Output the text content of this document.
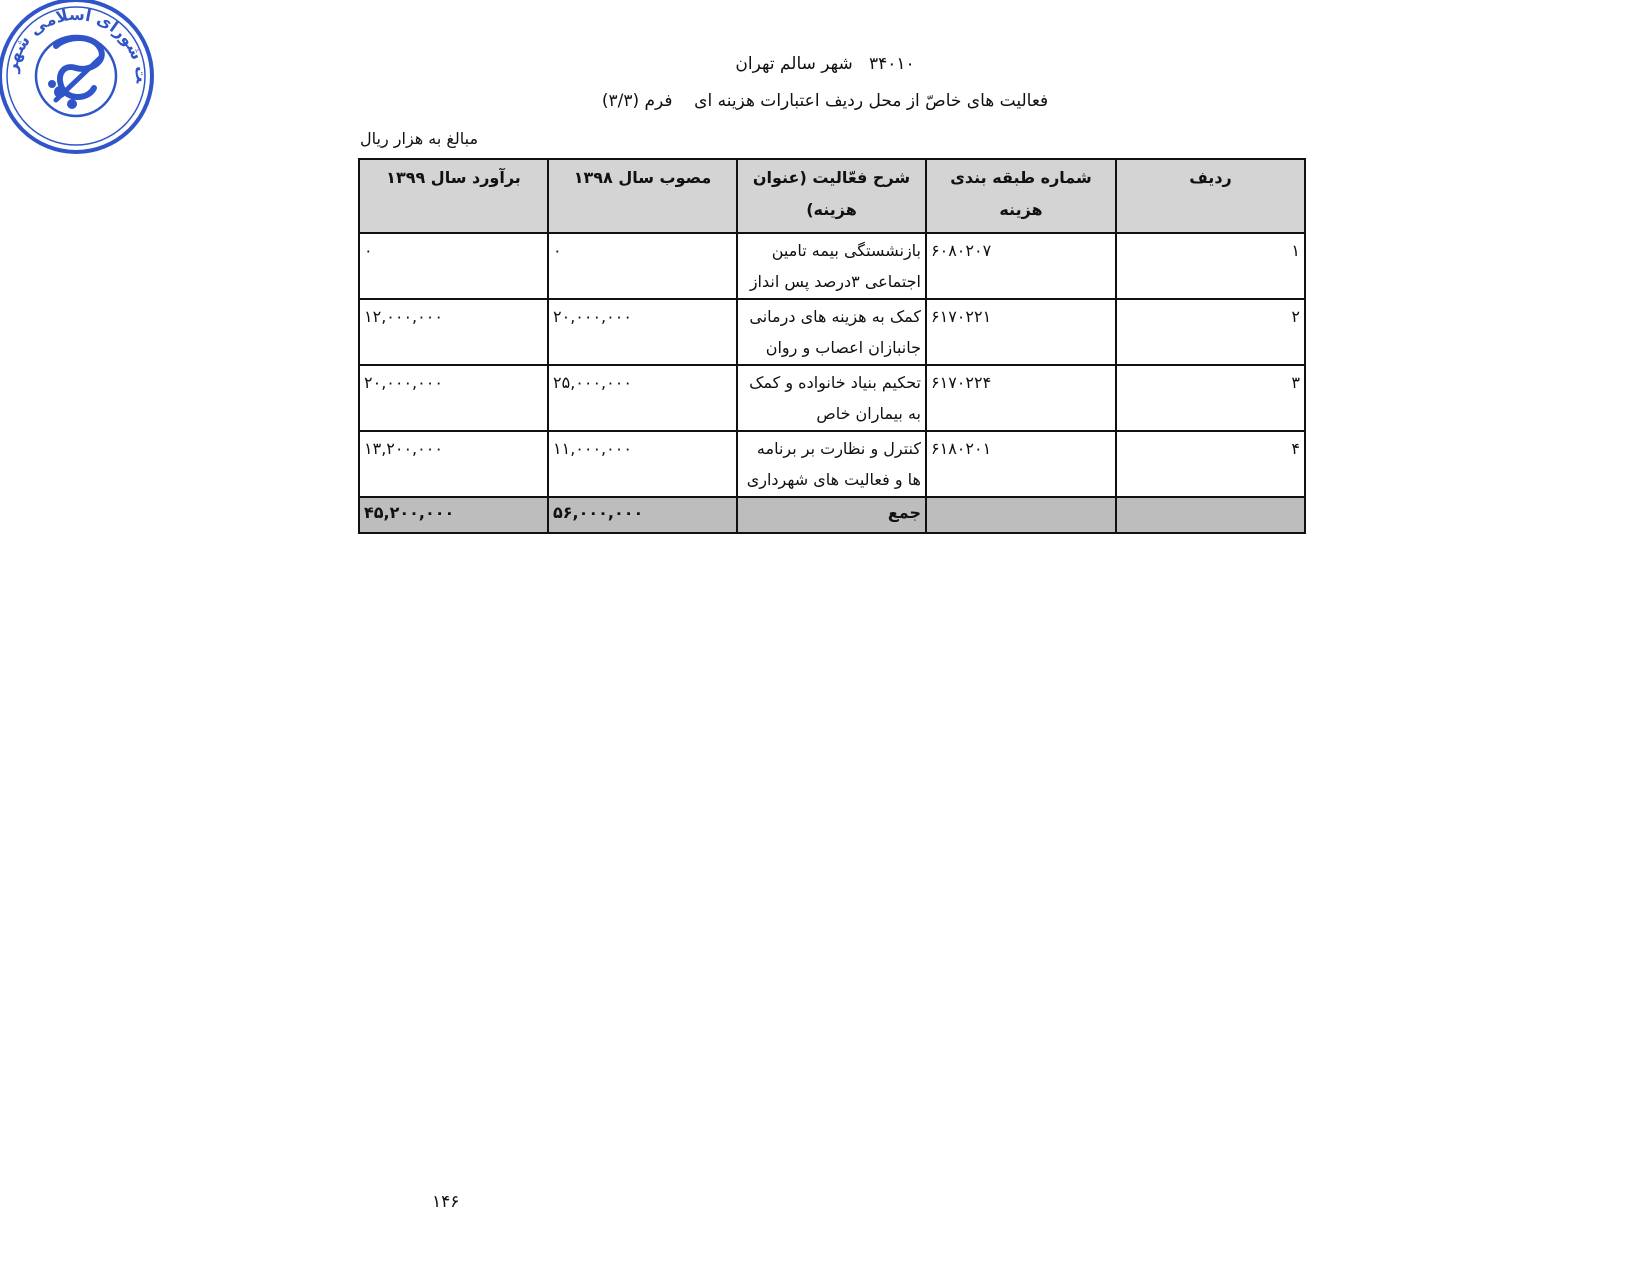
ت شورای اسلامی شهر
۳۴۰۱۰   شهر سالم تهران
فعالیت های خاصّ از محل ردیف اعتبارات هزینه ای    فرم (۳/۳)
مبالغ به هزار ریال
ردیف	شماره طبقه بندی هزینه	شرح فعّالیت (عنوان هزینه)	مصوب سال ۱۳۹۸	برآورد سال ۱۳۹۹
۱	۶۰۸۰۲۰۷	بازنشستگی بیمه تامین اجتماعی ۳درصد پس انداز	۰	۰
۲	۶۱۷۰۲۲۱	کمک به هزینه های درمانی جانبازان اعصاب و روان	۲۰,۰۰۰,۰۰۰	۱۲,۰۰۰,۰۰۰
۳	۶۱۷۰۲۲۴	تحکیم بنیاد خانواده و کمک به بیماران خاص	۲۵,۰۰۰,۰۰۰	۲۰,۰۰۰,۰۰۰
۴	۶۱۸۰۲۰۱	کنترل و نظارت بر برنامه ها و فعالیت های شهرداری	۱۱,۰۰۰,۰۰۰	۱۳,۲۰۰,۰۰۰
		جمع	۵۶,۰۰۰,۰۰۰	۴۵,۲۰۰,۰۰۰
۱۴۶
